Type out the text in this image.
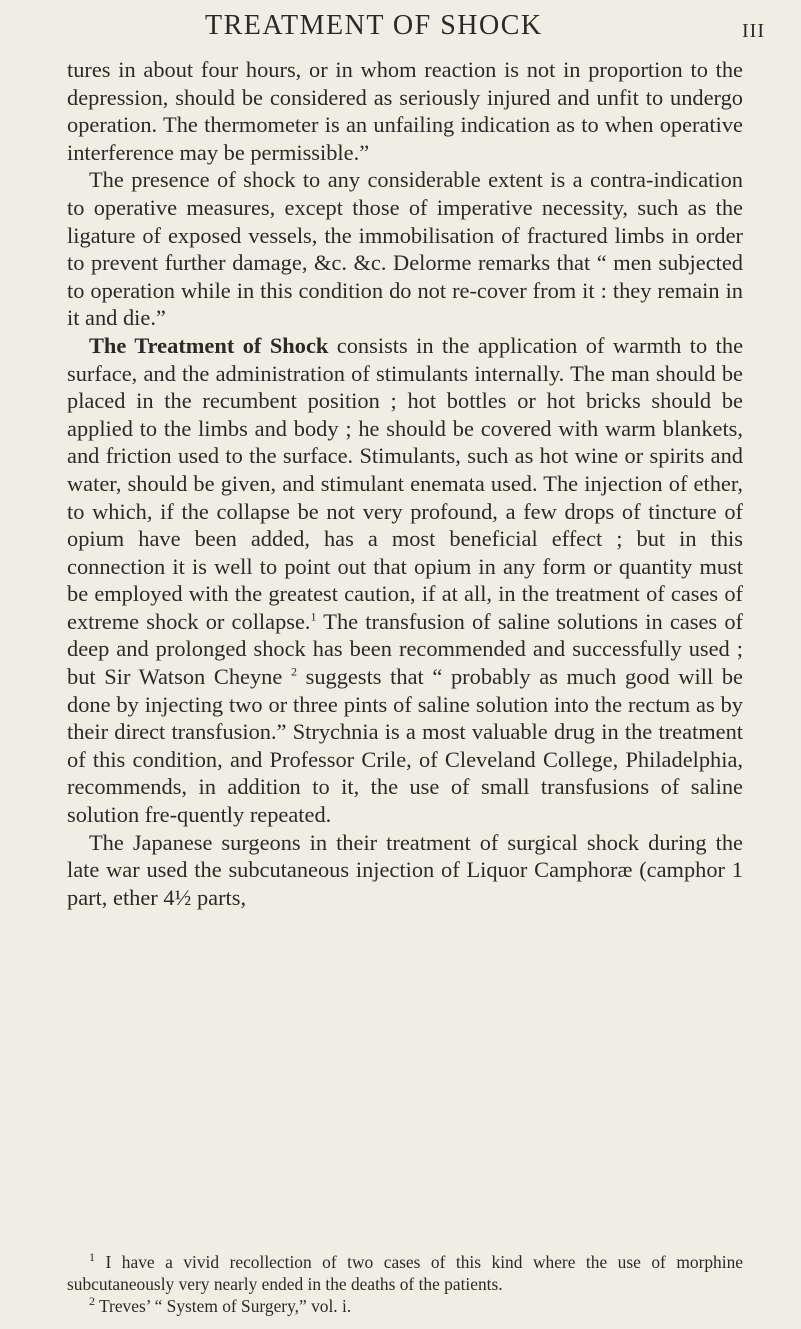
TREATMENT OF SHOCK	III

tures in about four hours, or in whom reaction is not in proportion to the depression, should be considered as seriously injured and unfit to undergo operation. The thermometer is an unfailing indication as to when operative interference may be permissible.”

The presence of shock to any considerable extent is a contra-indication to operative measures, except those of imperative necessity, such as the ligature of exposed vessels, the immobilisation of fractured limbs in order to prevent further damage, &c. &c. Delorme remarks that “ men subjected to operation while in this condition do not re-cover from it : they remain in it and die.”

The Treatment of Shock consists in the application of warmth to the surface, and the administration of stimulants internally. The man should be placed in the recumbent position ; hot bottles or hot bricks should be applied to the limbs and body ; he should be covered with warm blankets, and friction used to the surface. Stimulants, such as hot wine or spirits and water, should be given, and stimulant enemata used. The injection of ether, to which, if the collapse be not very profound, a few drops of tincture of opium have been added, has a most beneficial effect ; but in this connection it is well to point out that opium in any form or quantity must be employed with the greatest caution, if at all, in the treatment of cases of extreme shock or collapse.$^1$ The transfusion of saline solutions in cases of deep and prolonged shock has been recommended and successfully used ; but Sir Watson Cheyne $^2$ suggests that “ probably as much good will be done by injecting two or three pints of saline solution into the rectum as by their direct transfusion.” Strychnia is a most valuable drug in the treatment of this condition, and Professor Crile, of Cleveland College, Philadelphia, recommends, in addition to it, the use of small transfusions of saline solution fre-quently repeated.

The Japanese surgeons in their treatment of surgical shock during the late war used the subcutaneous injection of Liquor Camphoræ (camphor 1 part, ether 4½ parts,

$^1$ I have a vivid recollection of two cases of this kind where the use of morphine subcutaneously very nearly ended in the deaths of the patients.

$^2$ Treves’ “ System of Surgery,” vol. i.
